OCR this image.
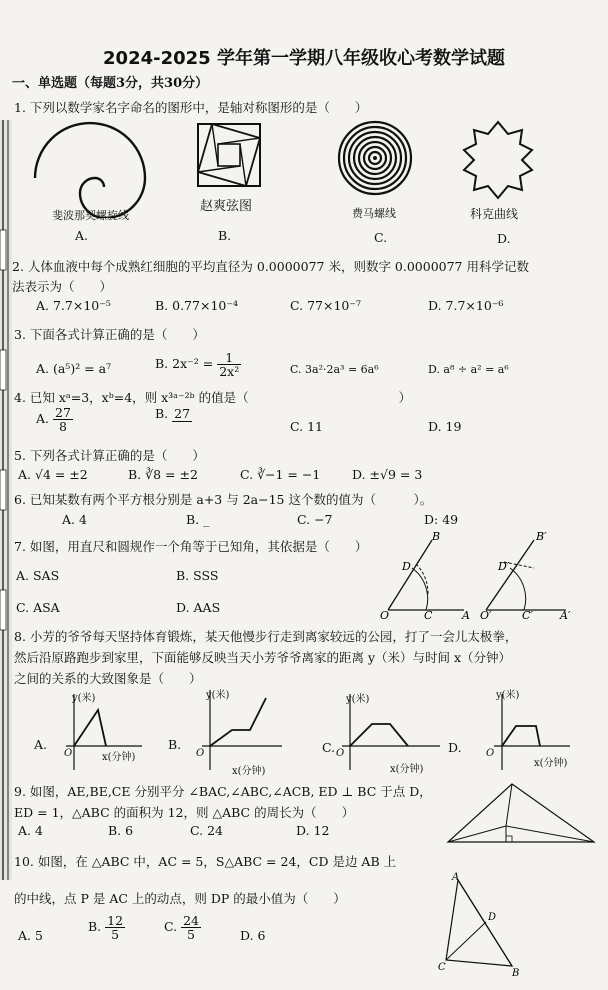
2024-2025 学年第一学期八年级收心考数学试题
一、单选题（每题3分，共30分）
1. 下列以数学家名字命名的图形中，是轴对称图形的是（　　）
斐波那契螺旋线
赵爽弦图	费马螺线	科克曲线
A.	B.	C.	D.
2. 人体血液中每个成熟红细胞的平均直径为 0.0000077 米，则数字 0.0000077 用科学记数
法表示为（　　）
A. 7.7×10⁻⁵	B. 0.77×10⁻⁴	C. 77×10⁻⁷	D. 7.7×10⁻⁶
3. 下面各式计算正确的是（　　）
A. (a⁵)² = a⁷	B. $2x^{-2} = \frac{1}{\text{2x²}}$	C. 3a²·2a³ = 6a⁶	D. a⁸ ÷ a² = a⁶
4. 已知 xᵃ=3，xᵇ=4，则 x³ᵃ⁻²ᵇ 的值是（　　　　　　　　　　　　）
A. $\frac{27}{8}$	B. 27
C. 11	D. 19
5. 下列各式计算正确的是（　　）
A. √4 = ±2	B. ∛8 = ±2	C. ∛−1 = −1	D. ±√9 = 3
6. 已知某数有两个平方根分别是 a+3 与 2a−15 这个数的值为（　　　）。
A. 4	B. _	C. −7	D: 49
7. 如图，用直尺和圆规作一个角等于已知角，其依据是（　　）
A. SAS	B. SSS
C. ASA	D. AAS
B
D
O	C	A
B′
D′
O′	C′ A′
8. 小芳的爷爷每天坚持体育锻炼，某天他慢步行走到离家较远的公园，打了一会儿太极拳，
然后沿原路跑步到家里，下面能够反映当天小芳爷爷离家的距离 y（米）与时间 x（分钟）
之间的关系的大致图象是（　　）
A.	B.	C.	D.
y(米)	y(米)	y(米)	y(米)
x(分钟)
x(分钟)	x(分钟)
x(分钟)
O	O	O	O
9. 如图，AE,BE,CE 分别平分 ∠BAC,∠ABC,∠ACB, ED ⊥ BC 于点 D，
ED = 1，△ABC 的面积为 12，则 △ABC 的周长为（　　）
A. 4	B. 6	C. 24	D. 12
10. 如图，在 △ABC 中，AC = 5，S△ABC = 24，CD 是边 AB 上
的中线，点 P 是 AC 上的动点，则 DP 的最小值为（　　）
A. 5
B. $\frac{12}{5}$	C. $\frac{24}{5}$	D. 6
A
D
C
B
